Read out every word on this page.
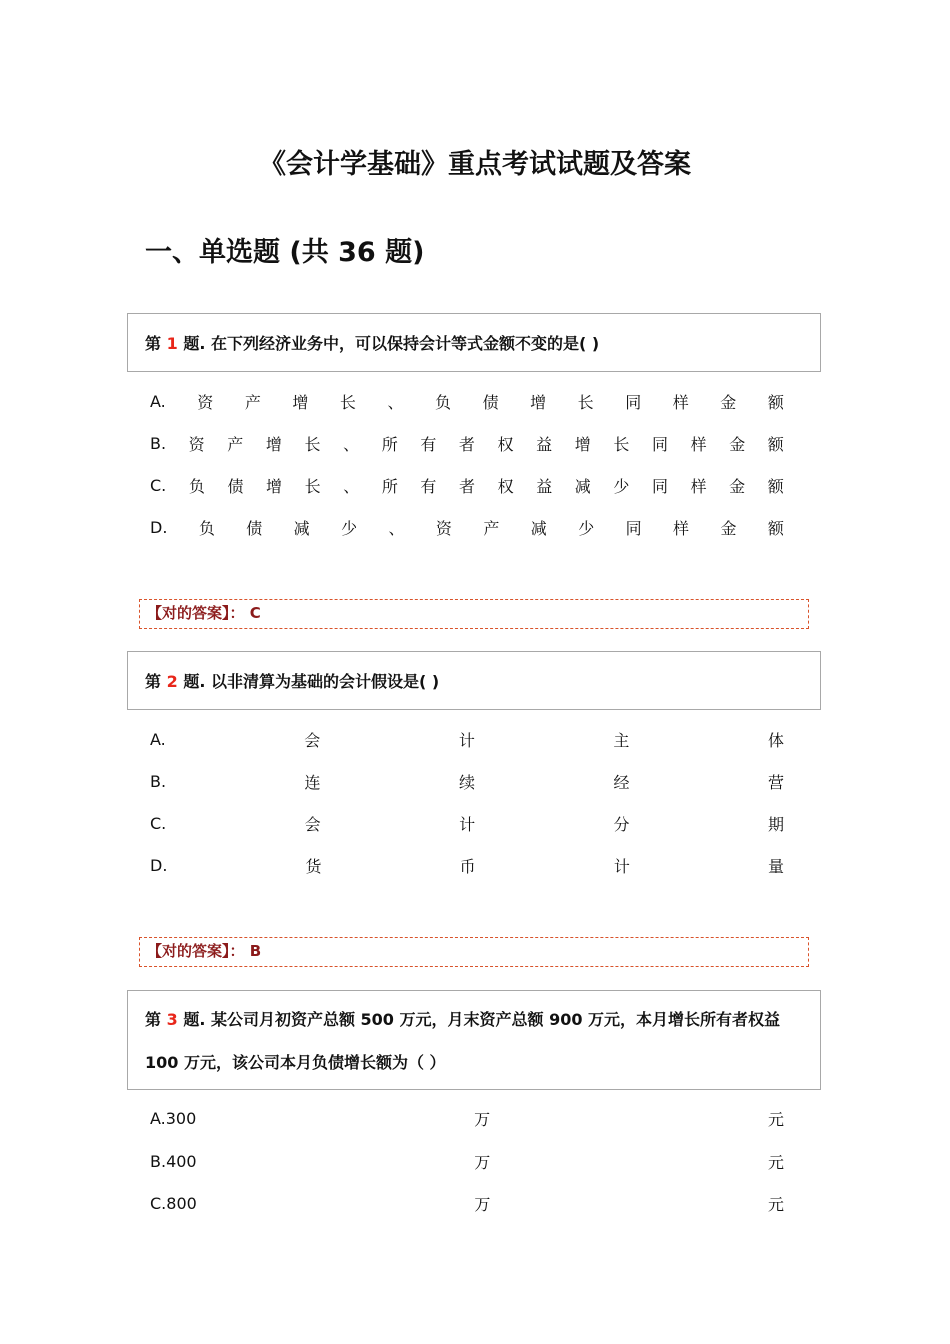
《会计学基础》重点考试试题及答案
一、单选题 (共 36 题)
第 1 题. 在下列经济业务中，可以保持会计等式金额不变的是( )
A. 资 产 增 长 、 负 债 增 长 同 样 金 额
B. 资 产 增 长 、 所 有 者 权 益 增 长 同 样 金 额
C. 负 债 增 长 、 所 有 者 权 益 减 少 同 样 金 额
D. 负 债 减 少 、 资 产 减 少 同 样 金 额
【对的答案】： C
第 2 题. 以非清算为基础的会计假设是( )
A.	会	计	主	体
B.	连	续	经	营
C.	会	计	分	期
D.	货	币	计	量
【对的答案】： B
第 3 题. 某公司月初资产总额 500 万元，月末资产总额 900 万元，本月增长所有者权益
100 万元，该公司本月负债增长额为（ ）
A.300	万	元
B.400	万	元
C.800	万	元
